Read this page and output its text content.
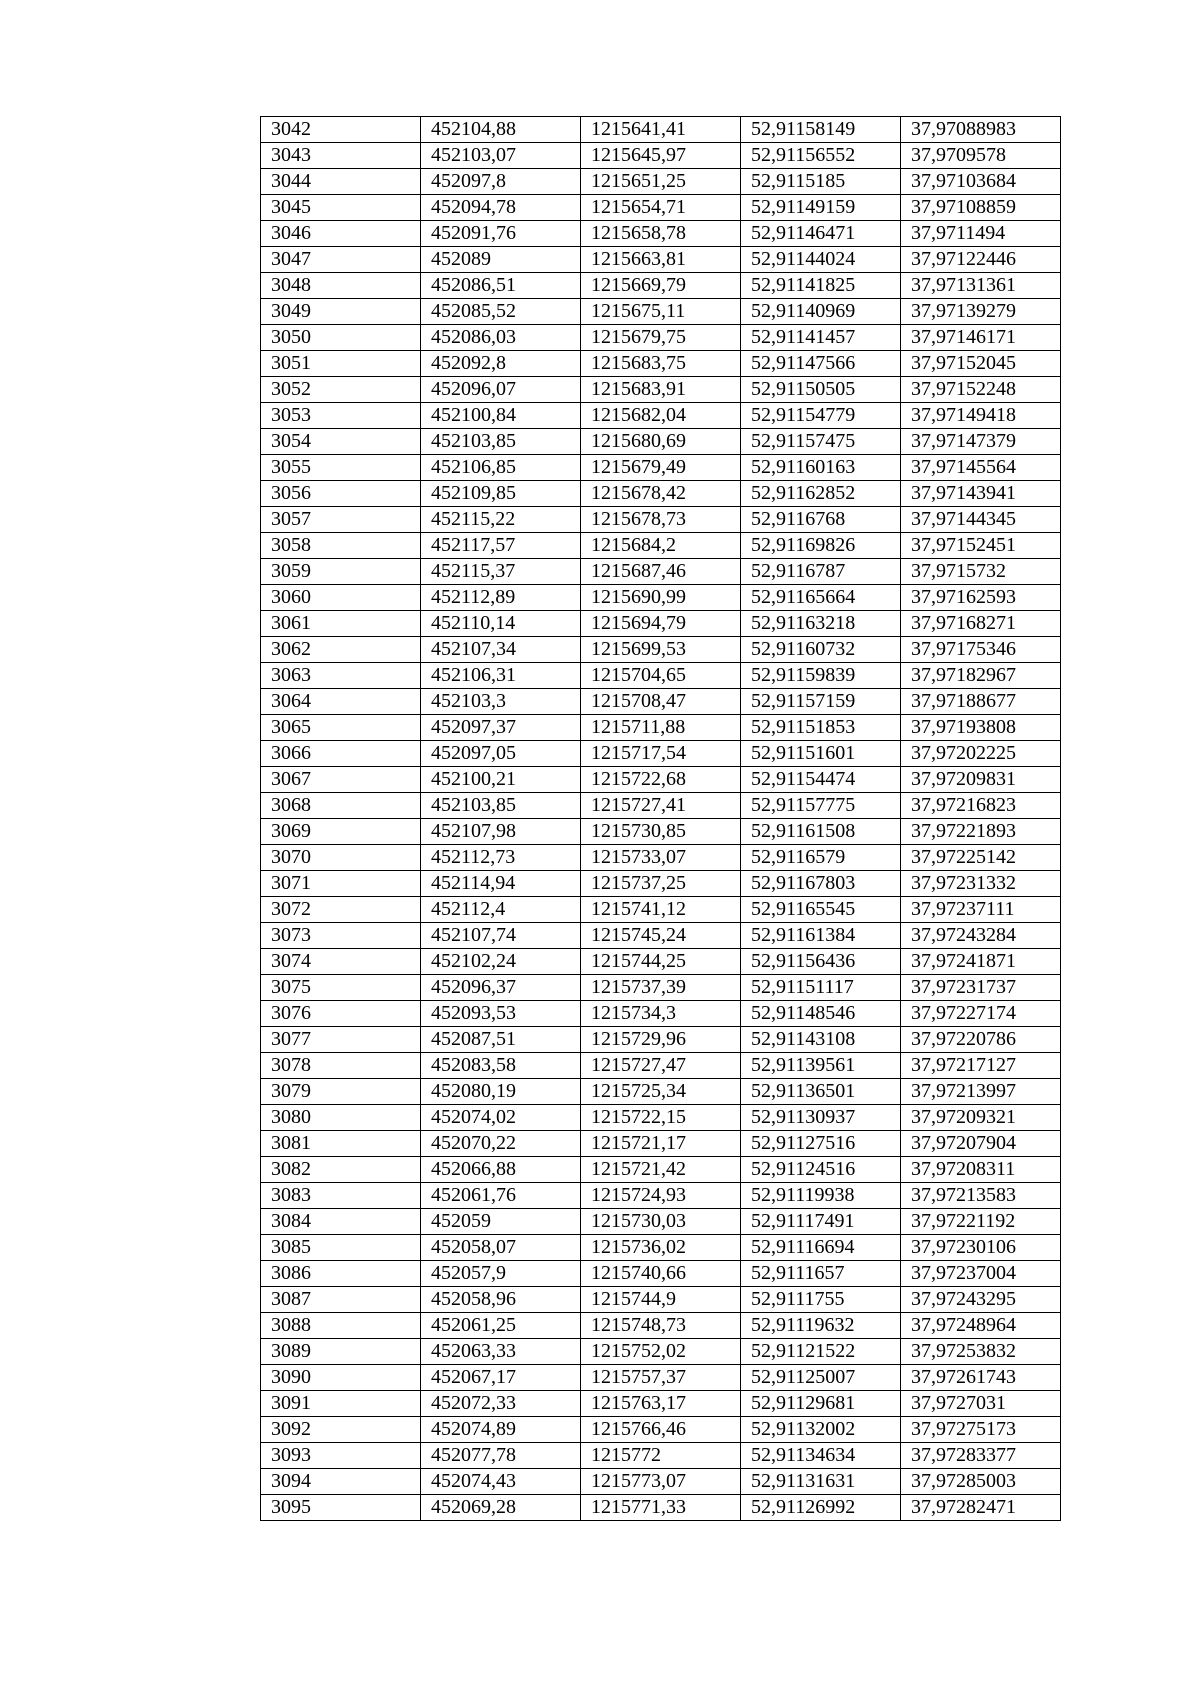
3042	452104,88	1215641,41	52,91158149	37,97088983
3043	452103,07	1215645,97	52,91156552	37,9709578
3044	452097,8	1215651,25	52,9115185	37,97103684
3045	452094,78	1215654,71	52,91149159	37,97108859
3046	452091,76	1215658,78	52,91146471	37,9711494
3047	452089	1215663,81	52,91144024	37,97122446
3048	452086,51	1215669,79	52,91141825	37,97131361
3049	452085,52	1215675,11	52,91140969	37,97139279
3050	452086,03	1215679,75	52,91141457	37,97146171
3051	452092,8	1215683,75	52,91147566	37,97152045
3052	452096,07	1215683,91	52,91150505	37,97152248
3053	452100,84	1215682,04	52,91154779	37,97149418
3054	452103,85	1215680,69	52,91157475	37,97147379
3055	452106,85	1215679,49	52,91160163	37,97145564
3056	452109,85	1215678,42	52,91162852	37,97143941
3057	452115,22	1215678,73	52,9116768	37,97144345
3058	452117,57	1215684,2	52,91169826	37,97152451
3059	452115,37	1215687,46	52,9116787	37,9715732
3060	452112,89	1215690,99	52,91165664	37,97162593
3061	452110,14	1215694,79	52,91163218	37,97168271
3062	452107,34	1215699,53	52,91160732	37,97175346
3063	452106,31	1215704,65	52,91159839	37,97182967
3064	452103,3	1215708,47	52,91157159	37,97188677
3065	452097,37	1215711,88	52,91151853	37,97193808
3066	452097,05	1215717,54	52,91151601	37,97202225
3067	452100,21	1215722,68	52,91154474	37,97209831
3068	452103,85	1215727,41	52,91157775	37,97216823
3069	452107,98	1215730,85	52,91161508	37,97221893
3070	452112,73	1215733,07	52,9116579	37,97225142
3071	452114,94	1215737,25	52,91167803	37,97231332
3072	452112,4	1215741,12	52,91165545	37,97237111
3073	452107,74	1215745,24	52,91161384	37,97243284
3074	452102,24	1215744,25	52,91156436	37,97241871
3075	452096,37	1215737,39	52,91151117	37,97231737
3076	452093,53	1215734,3	52,91148546	37,97227174
3077	452087,51	1215729,96	52,91143108	37,97220786
3078	452083,58	1215727,47	52,91139561	37,97217127
3079	452080,19	1215725,34	52,91136501	37,97213997
3080	452074,02	1215722,15	52,91130937	37,97209321
3081	452070,22	1215721,17	52,91127516	37,97207904
3082	452066,88	1215721,42	52,91124516	37,97208311
3083	452061,76	1215724,93	52,91119938	37,97213583
3084	452059	1215730,03	52,91117491	37,97221192
3085	452058,07	1215736,02	52,91116694	37,97230106
3086	452057,9	1215740,66	52,9111657	37,97237004
3087	452058,96	1215744,9	52,9111755	37,97243295
3088	452061,25	1215748,73	52,91119632	37,97248964
3089	452063,33	1215752,02	52,91121522	37,97253832
3090	452067,17	1215757,37	52,91125007	37,97261743
3091	452072,33	1215763,17	52,91129681	37,9727031
3092	452074,89	1215766,46	52,91132002	37,97275173
3093	452077,78	1215772	52,91134634	37,97283377
3094	452074,43	1215773,07	52,91131631	37,97285003
3095	452069,28	1215771,33	52,91126992	37,97282471
